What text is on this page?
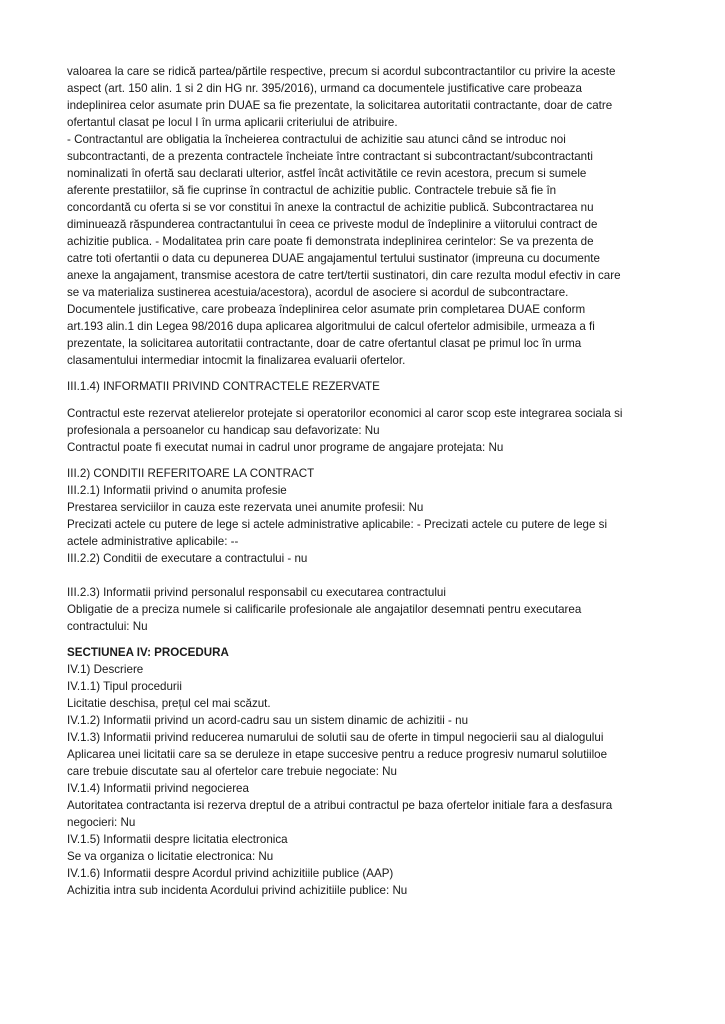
valoarea la care se ridică partea/părtile respective, precum si acordul subcontractantilor cu privire la aceste
aspect (art. 150 alin. 1 si 2 din HG nr. 395/2016), urmand ca documentele justificative care probeaza
indeplinirea celor asumate prin DUAE sa fie prezentate, la solicitarea autoritatii contractante, doar de catre
ofertantul clasat pe locul I în urma aplicarii criteriului de atribuire.
- Contractantul are obligatia la încheierea contractului de achizitie sau atunci când se introduc noi
subcontractanti, de a prezenta contractele încheiate între contractant si subcontractant/subcontractanti
nominalizati în ofertă sau declarati ulterior, astfel încât activitătile ce revin acestora, precum si sumele
aferente prestatiilor, să fie cuprinse în contractul de achizitie public. Contractele trebuie să fie în
concordantă cu oferta si se vor constitui în anexe la contractul de achizitie publică. Subcontractarea nu
diminuează răspunderea contractantului în ceea ce priveste modul de îndeplinire a viitorului contract de
achizitie publica. - Modalitatea prin care poate fi demonstrata indeplinirea cerintelor: Se va prezenta de
catre toti ofertantii o data cu depunerea DUAE angajamentul tertului sustinator (impreuna cu documente
anexe la angajament, transmise acestora de catre tert/tertii sustinatori, din care rezulta modul efectiv in care
se va materializa sustinerea acestuia/acestora), acordul de asociere si acordul de subcontractare.
Documentele justificative, care probeaza îndeplinirea celor asumate prin completarea DUAE conform
art.193 alin.1 din Legea 98/2016 dupa aplicarea algoritmului de calcul ofertelor admisibile, urmeaza a fi
prezentate, la solicitarea autoritatii contractante, doar de catre ofertantul clasat pe primul loc în urma
clasamentului intermediar intocmit la finalizarea evaluarii ofertelor.
III.1.4) INFORMATII PRIVIND CONTRACTELE REZERVATE
Contractul este rezervat atelierelor protejate si operatorilor economici al caror scop este integrarea sociala si
profesionala a persoanelor cu handicap sau defavorizate: Nu
Contractul poate fi executat numai in cadrul unor programe de angajare protejata: Nu
III.2) CONDITII REFERITOARE LA CONTRACT
III.2.1) Informatii privind o anumita profesie
Prestarea serviciilor in cauza este rezervata unei anumite profesii: Nu
Precizati actele cu putere de lege si actele administrative aplicabile: - Precizati actele cu putere de lege si
actele administrative aplicabile: --
III.2.2) Conditii de executare a contractului - nu
III.2.3) Informatii privind personalul responsabil cu executarea contractului
Obligatie de a preciza numele si calificarile profesionale ale angajatilor desemnati pentru executarea
contractului: Nu
SECTIUNEA IV: PROCEDURA
IV.1) Descriere
IV.1.1) Tipul procedurii
Licitatie deschisa, prețul cel mai scăzut.
IV.1.2) Informatii privind un acord-cadru sau un sistem dinamic de achizitii - nu
IV.1.3) Informatii privind reducerea numarului de solutii sau de oferte in timpul negocierii sau al dialogului
Aplicarea unei licitatii care sa se deruleze in etape succesive pentru a reduce progresiv numarul solutiiloe
care trebuie discutate sau al ofertelor care trebuie negociate: Nu
IV.1.4) Informatii privind negocierea
Autoritatea contractanta isi rezerva dreptul de a atribui contractul pe baza ofertelor initiale fara a desfasura
negocieri: Nu
IV.1.5) Informatii despre licitatia electronica
Se va organiza o licitatie electronica: Nu
IV.1.6) Informatii despre Acordul privind achizitiile publice (AAP)
Achizitia intra sub incidenta Acordului privind achizitiile publice: Nu
